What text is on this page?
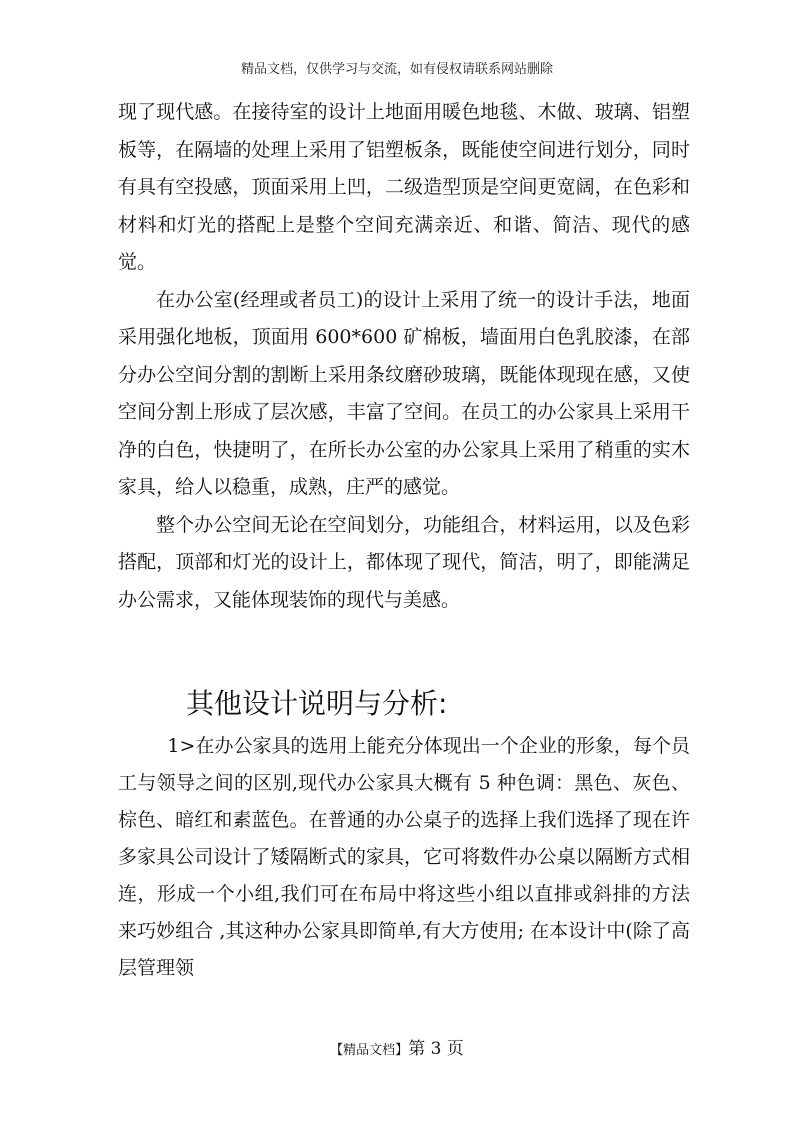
精品文档，仅供学习与交流，如有侵权请联系网站删除

现了现代感。在接待室的设计上地面用暖色地毯、木做、玻璃、铝塑板等，在隔墙的处理上采用了铝塑板条，既能使空间进行划分，同时有具有空投感，顶面采用上凹，二级造型顶是空间更宽阔，在色彩和材料和灯光的搭配上是整个空间充满亲近、和谐、简洁、现代的感觉。

在办公室(经理或者员工)的设计上采用了统一的设计手法，地面采用强化地板，顶面用 600*600 矿棉板，墙面用白色乳胶漆，在部分办公空间分割的割断上采用条纹磨砂玻璃，既能体现现在感，又使空间分割上形成了层次感，丰富了空间。在员工的办公家具上采用干净的白色，快捷明了，在所长办公室的办公家具上采用了稍重的实木家具，给人以稳重，成熟，庄严的感觉。

整个办公空间无论在空间划分，功能组合，材料运用，以及色彩搭配，顶部和灯光的设计上，都体现了现代，简洁，明了，即能满足办公需求，又能体现装饰的现代与美感。

其他设计说明与分析:

1>在办公家具的选用上能充分体现出一个企业的形象，每个员工与领导之间的区别,现代办公家具大概有 5 种色调：黑色、灰色、棕色、暗红和素蓝色。在普通的办公桌子的选择上我们选择了现在许多家具公司设计了矮隔断式的家具，它可将数件办公桌以隔断方式相连，形成一个小组,我们可在布局中将这些小组以直排或斜排的方法来巧妙组合 ,其这种办公家具即简单,有大方使用; 在本设计中(除了高层管理领

【精品文档】第 3 页
